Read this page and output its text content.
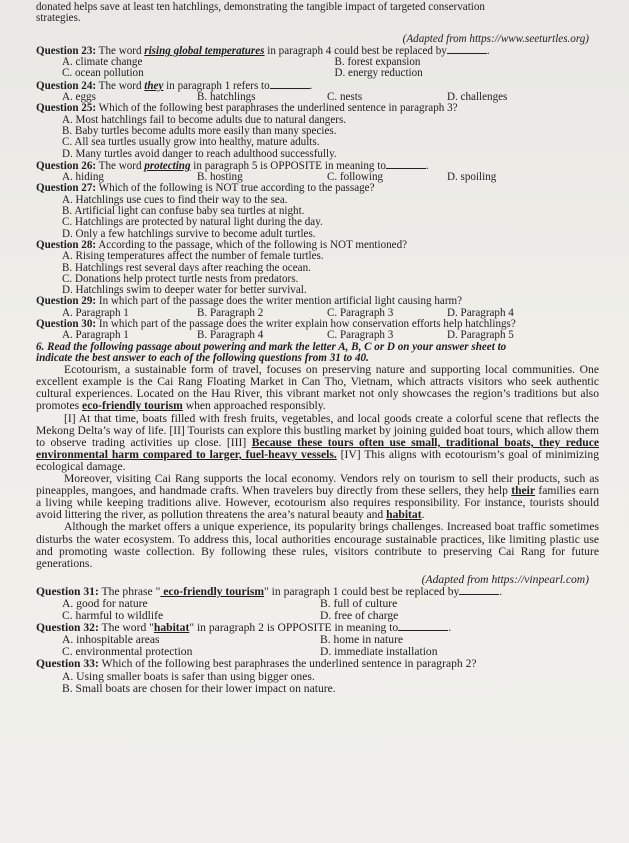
donated helps save at least ten hatchlings, demonstrating the tangible impact of targeted conservation

strategies.

(Adapted from https://www.seeturtles.org)

Question 23: The word rising global temperatures in paragraph 4 could best be replaced by	.

A. climate change	B. forest expansion
C. ocean pollution	D. energy reduction

Question 24: The word they in paragraph 1 refers to	.

A. eggs	B. hatchlings	C. nests	D. challenges

Question 25: Which of the following best paraphrases the underlined sentence in paragraph 3?

A. Most hatchlings fail to become adults due to natural dangers.
B. Baby turtles become adults more easily than many species.
C. All sea turtles usually grow into healthy, mature adults.
D. Many turtles avoid danger to reach adulthood successfully.

Question 26: The word protecting in paragraph 5 is OPPOSITE in meaning to	.

A. hiding	B. hosting	C. following	D. spoiling

Question 27: Which of the following is NOT true according to the passage?

A. Hatchlings use cues to find their way to the sea.
B. Artificial light can confuse baby sea turtles at night.
C. Hatchlings are protected by natural light during the day.
D. Only a few hatchlings survive to become adult turtles.

Question 28: According to the passage, which of the following is NOT mentioned?

A. Rising temperatures affect the number of female turtles.
B. Hatchlings rest several days after reaching the ocean.
C. Donations help protect turtle nests from predators.
D. Hatchlings swim to deeper water for better survival.

Question 29: In which part of the passage does the writer mention artificial light causing harm?

A. Paragraph 1	B. Paragraph 2	C. Paragraph 3	D. Paragraph 4

Question 30: In which part of the passage does the writer explain how conservation efforts help hatchlings?

A. Paragraph 1	B. Paragraph 4	C. Paragraph 3	D. Paragraph 5

6. Read the following passage about powering and mark the letter A, B, C or D on your answer sheet to

indicate the best answer to each of the following questions from 31 to 40.

Ecotourism, a sustainable form of travel, focuses on preserving nature and supporting local communities. One excellent example is the Cai Rang Floating Market in Can Tho, Vietnam, which attracts visitors who seek authentic cultural experiences. Located on the Hau River, this vibrant market not only showcases the region’s traditions but also promotes eco-friendly tourism when approached responsibly.

[I] At that time, boats filled with fresh fruits, vegetables, and local goods create a colorful scene that reflects the Mekong Delta’s way of life. [II] Tourists can explore this bustling market by joining guided boat tours, which allow them to observe trading activities up close. [III] Because these tours often use small, traditional boats, they reduce environmental harm compared to larger, fuel-heavy vessels. [IV] This aligns with ecotourism’s goal of minimizing ecological damage.

Moreover, visiting Cai Rang supports the local economy. Vendors rely on tourism to sell their products, such as pineapples, mangoes, and handmade crafts. When travelers buy directly from these sellers, they help their families earn a living while keeping traditions alive. However, ecotourism also requires responsibility. For instance, tourists should avoid littering the river, as pollution threatens the area’s natural beauty and habitat.

Although the market offers a unique experience, its popularity brings challenges. Increased boat traffic sometimes disturbs the water ecosystem. To address this, local authorities encourage sustainable practices, like limiting plastic use and promoting waste collection. By following these rules, visitors contribute to preserving Cai Rang for future generations.

(Adapted from https://vinpearl.com)

Question 31: The phrase " eco-friendly tourism" in paragraph 1 could best be replaced by	.

A. good for nature	B. full of culture
C. harmful to wildlife	D. free of charge

Question 32: The word "habitat" in paragraph 2 is OPPOSITE in meaning to	.

A. inhospitable areas	B. home in nature
C. environmental protection	D. immediate installation

Question 33: Which of the following best paraphrases the underlined sentence in paragraph 2?

A. Using smaller boats is safer than using bigger ones.
B. Small boats are chosen for their lower impact on nature.
